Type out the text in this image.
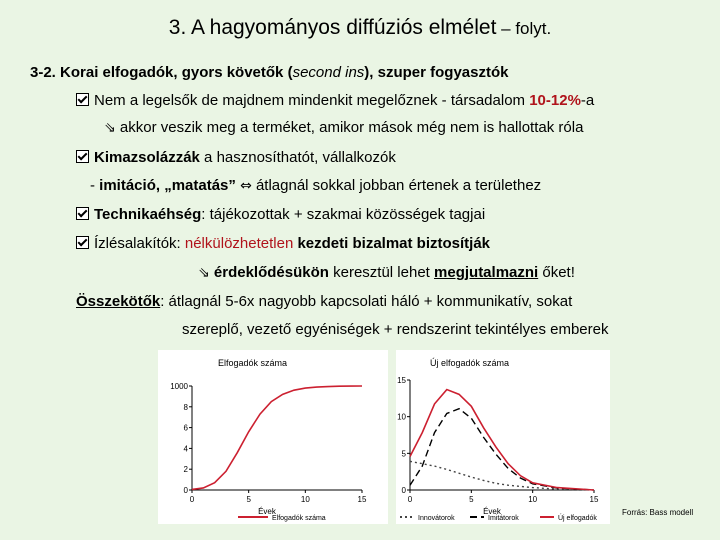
3. A hagyományos diffúziós elmélet – folyt.
3-2. Korai elfogadók, gyors követők (second ins), szuper fogyasztók
Nem a legelsők de majdnem mindenkit megelőznek - társadalom 10-12%-a
⇘ akkor veszik meg a terméket, amikor mások még nem is hallottak róla
Kimazsolázzák a hasznosíthatót, vállalkozók
- imitáció, „matatás” ⇔ átlagnál sokkal jobban értenek a területhez
Technikaéhség: tájékozottak + szakmai közösségek tagjai
Ízlésalakítók: nélkülözhetetlen kezdeti bizalmat biztosítják
⇘ érdeklődésükön keresztül lehet megjutalmazni őket!
Összekötők: átlagnál 5-6x nagyobb kapcsolati háló + kommunikatív, sokat
szereplő, vezető egyéniségek + rendszerint tekintélyes emberek
Elfogadók száma
0
2
4
6
8
1000
0	5	10	15
Évek
Elfogadók száma
Új elfogadók száma
0
5
10
15
0	5	10	15
Évek
Innovátorok	Imitátorok	Új elfogadók
Forrás: Bass modell
